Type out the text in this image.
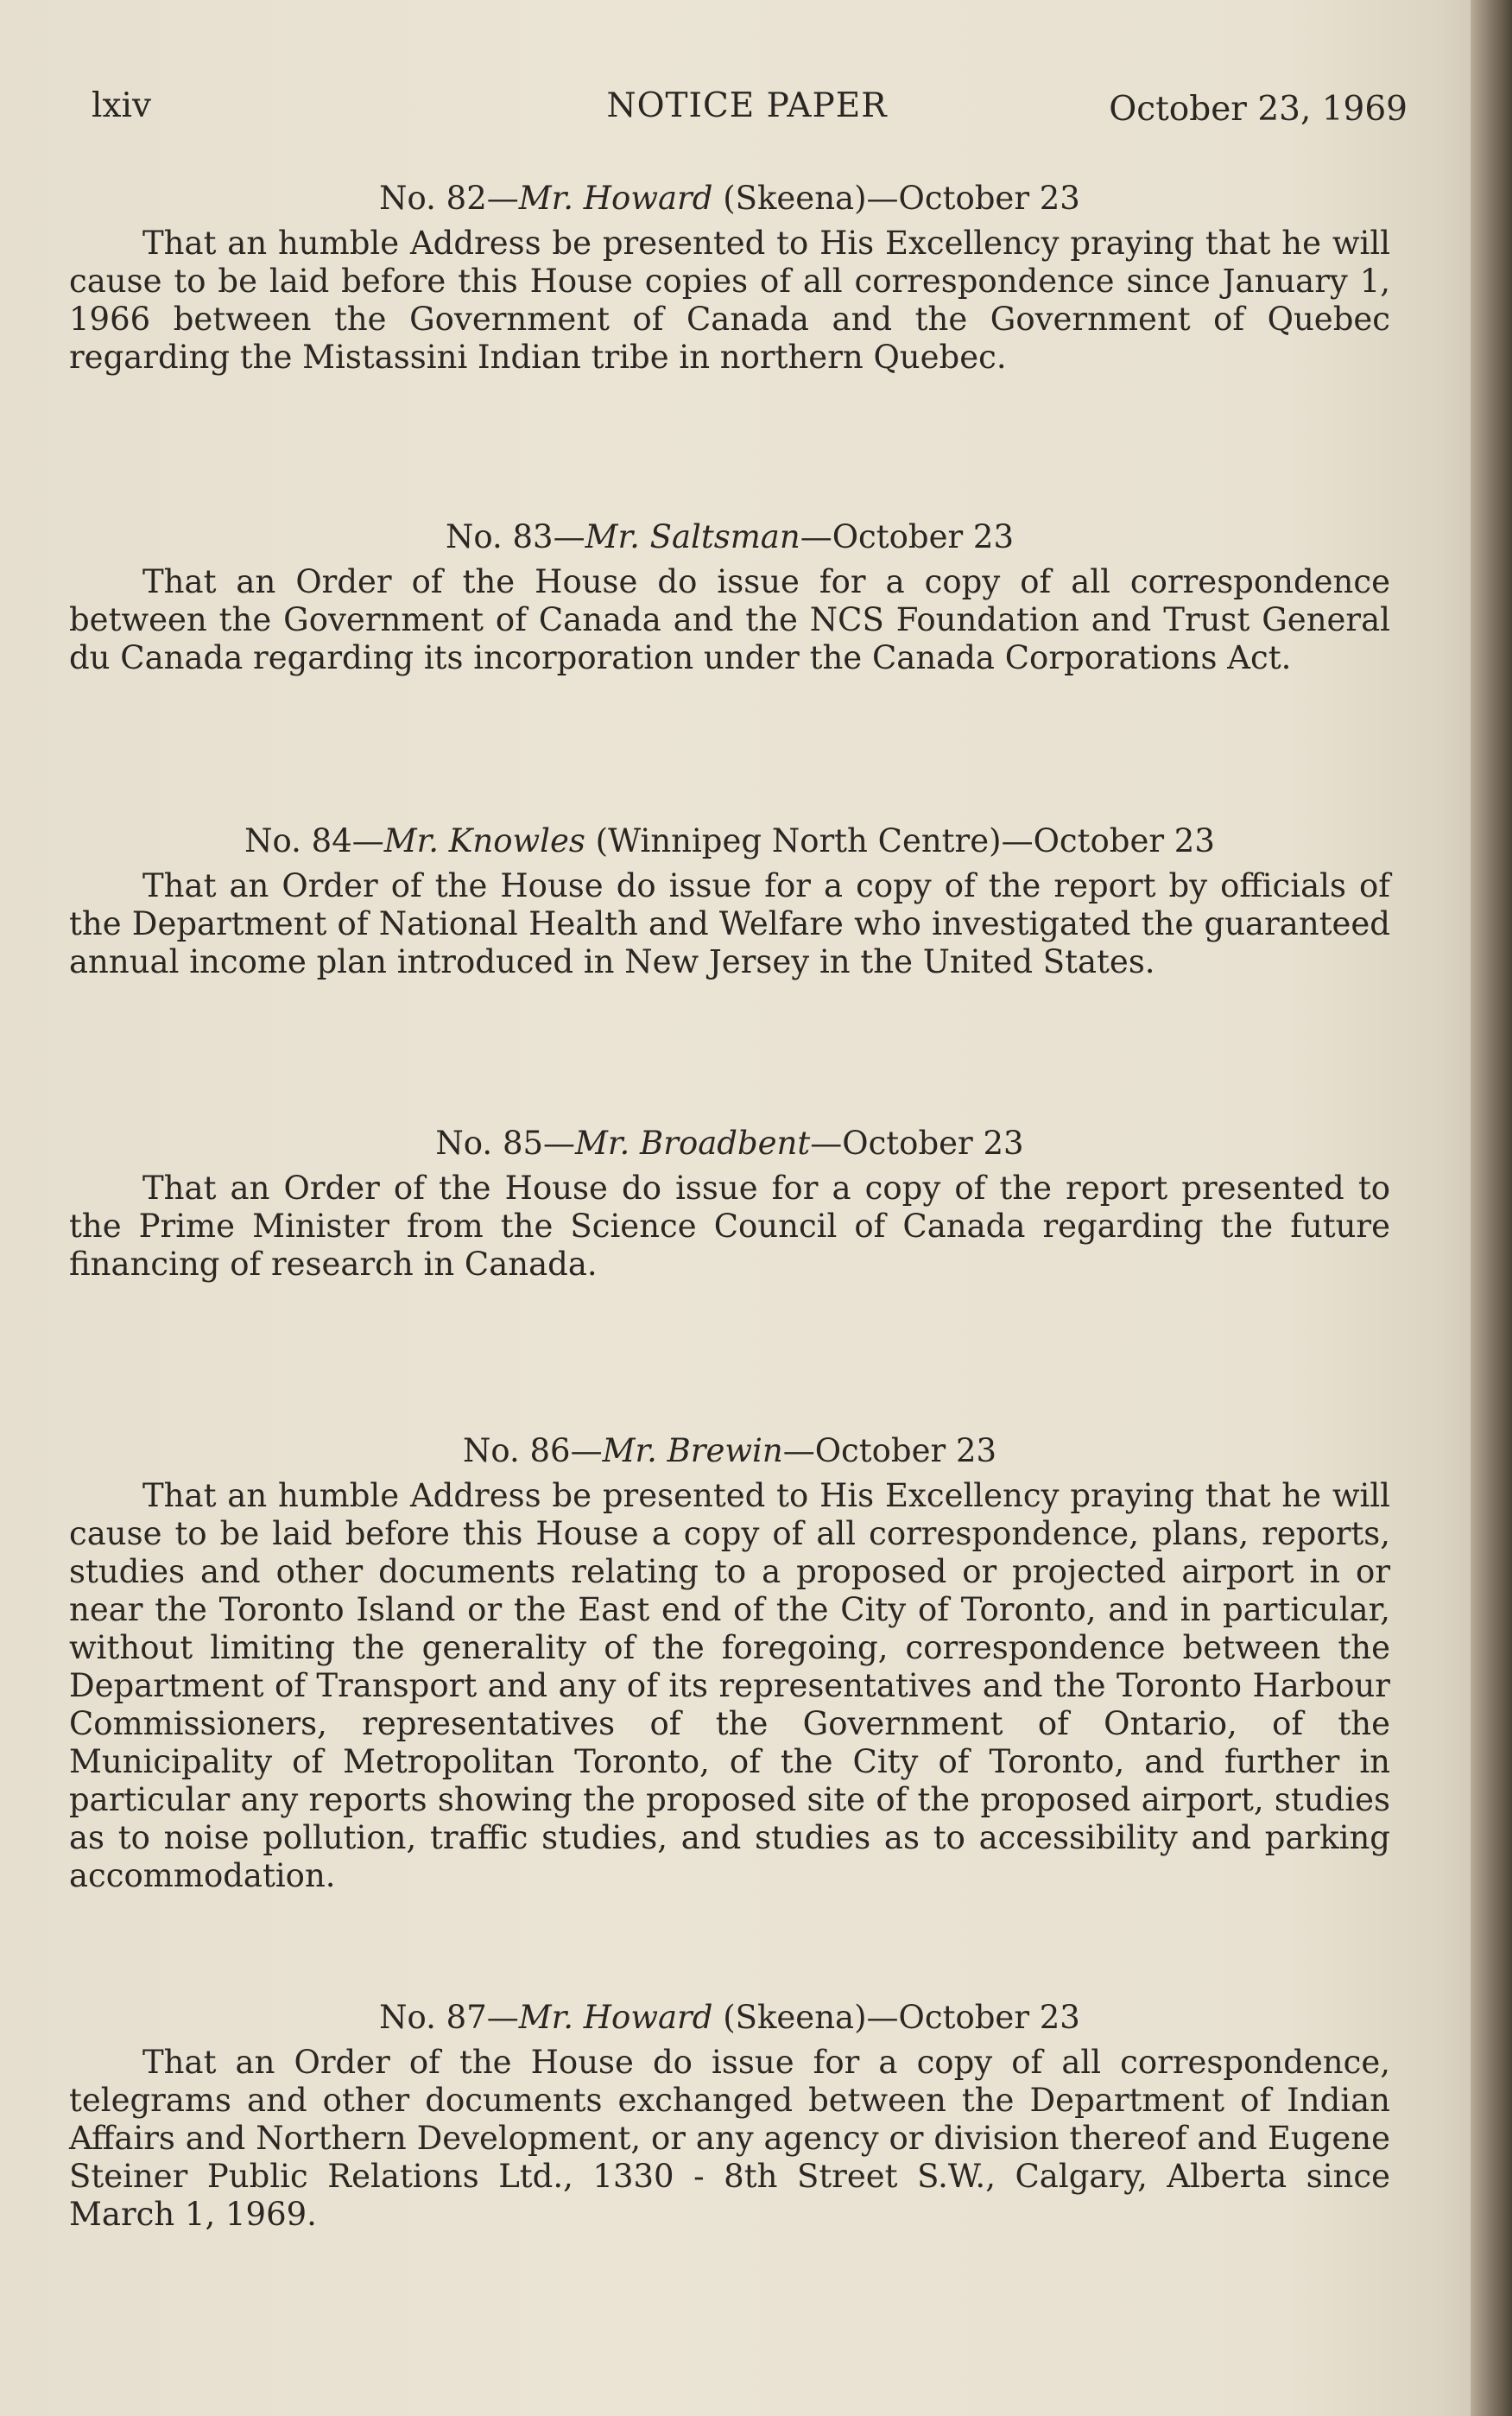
lxiv	NOTICE PAPER	October 23, 1969

No. 82—Mr. Howard (Skeena)—October 23

That an humble Address be presented to His Excellency praying that he will cause to be laid before this House copies of all correspondence since January 1, 1966 between the Government of Canada and the Government of Quebec regarding the Mistassini Indian tribe in northern Quebec.

No. 83—Mr. Saltsman—October 23

That an Order of the House do issue for a copy of all correspondence between the Government of Canada and the NCS Foundation and Trust General du Canada regarding its incorporation under the Canada Corporations Act.

No. 84—Mr. Knowles (Winnipeg North Centre)—October 23

That an Order of the House do issue for a copy of the report by officials of the Department of National Health and Welfare who investigated the guaranteed annual income plan introduced in New Jersey in the United States.

No. 85—Mr. Broadbent—October 23

That an Order of the House do issue for a copy of the report presented to the Prime Minister from the Science Council of Canada regarding the future financing of research in Canada.

No. 86—Mr. Brewin—October 23

That an humble Address be presented to His Excellency praying that he will cause to be laid before this House a copy of all correspondence, plans, reports, studies and other documents relating to a proposed or projected airport in or near the Toronto Island or the East end of the City of Toronto, and in particular, without limiting the generality of the foregoing, correspondence between the Department of Transport and any of its representatives and the Toronto Harbour Commissioners, representatives of the Government of Ontario, of the Municipality of Metropolitan Toronto, of the City of Toronto, and further in particular any reports showing the proposed site of the proposed airport, studies as to noise pollution, traffic studies, and studies as to accessibility and parking accommodation.

No. 87—Mr. Howard (Skeena)—October 23

That an Order of the House do issue for a copy of all correspondence, telegrams and other documents exchanged between the Department of Indian Affairs and Northern Development, or any agency or division thereof and Eugene Steiner Public Relations Ltd., 1330 - 8th Street S.W., Calgary, Alberta since March 1, 1969.
